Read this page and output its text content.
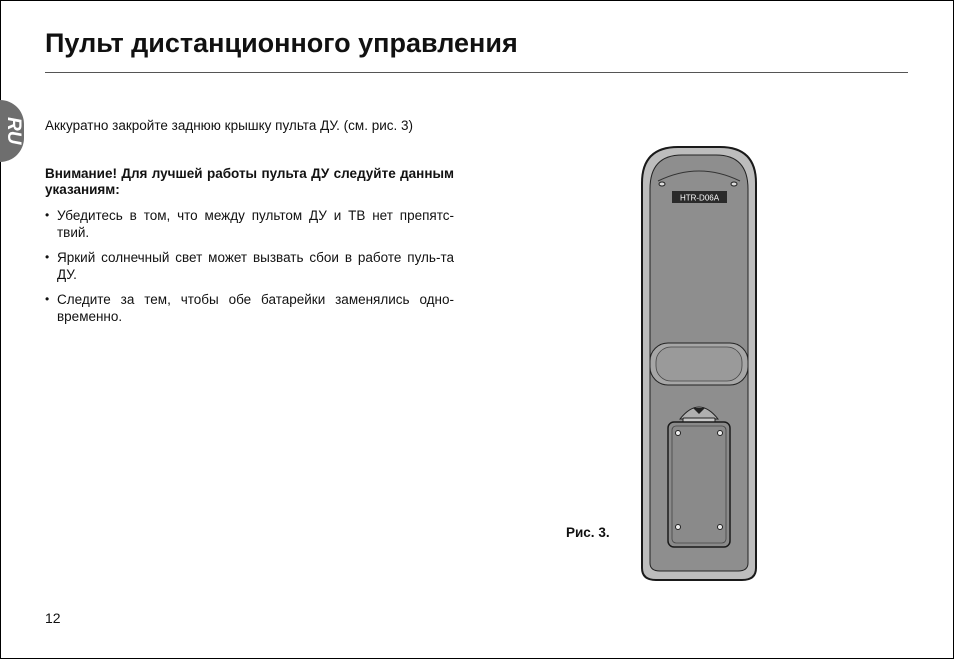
Пульт дистанционного управления
RU Аккуратно закройте заднюю крышку пульта ДУ. (см. рис. 3)
Внимание! Для лучшей работы пульта ДУ следуйте данным указаниям:
• Убедитесь в том, что между пультом ДУ и ТВ нет препятс-твий.
• Яркий солнечный свет может вызвать сбои в работе пуль-та ДУ.
• Следите за тем, чтобы обе батарейки заменялись одно-временно.
Рис. 3.
HTR-D06A
12
